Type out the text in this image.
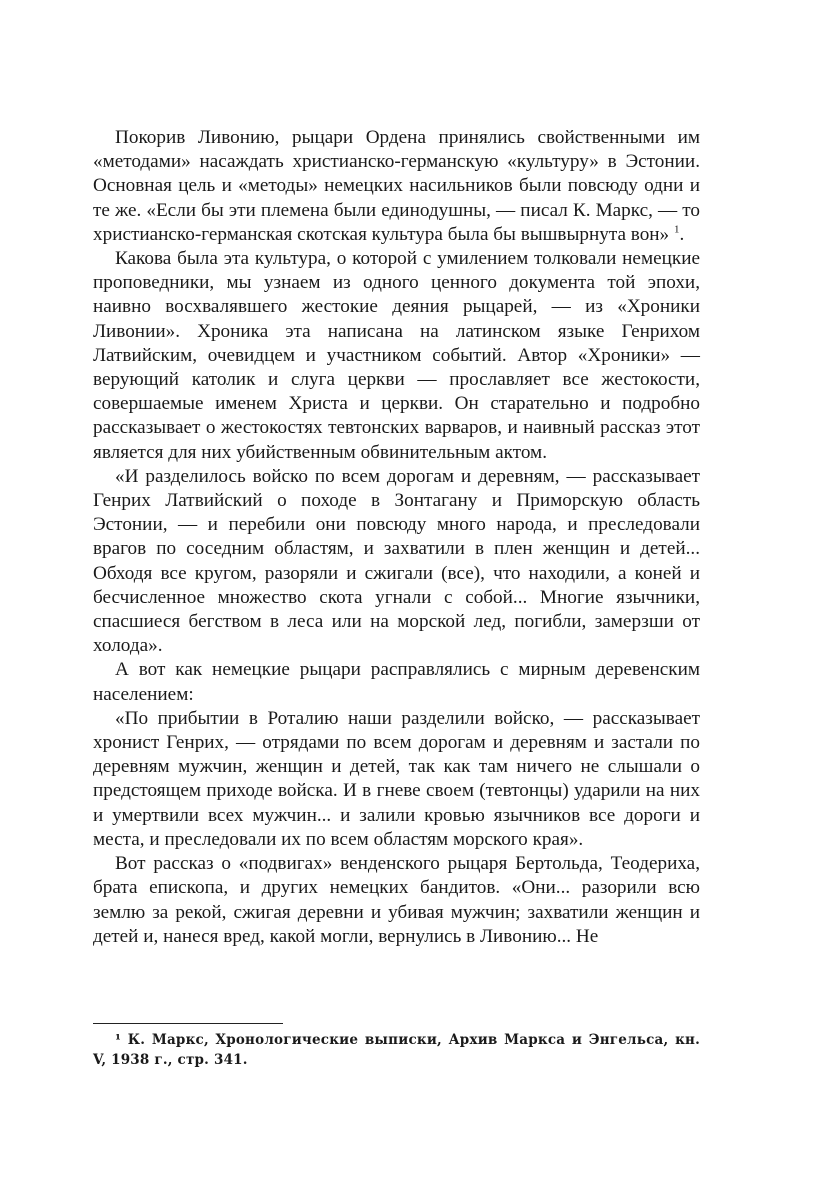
Покорив Ливонию, рыцари Ордена принялись свойственными им «методами» насаждать христианско-германскую «культуру» в Эстонии. Основная цель и «методы» немецких насильников были повсюду одни и те же. «Если бы эти племена были единодушны, — писал К. Маркс, — то христианско-германская скотская культура была бы вышвырнута вон» $^1$.

Какова была эта культура, о которой с умилением толковали немецкие проповедники, мы узнаем из одного ценного документа той эпохи, наивно восхвалявшего жестокие деяния рыцарей, — из «Хроники Ливонии». Хроника эта написана на латинском языке Генрихом Латвийским, очевидцем и участником событий. Автор «Хроники» — верующий католик и слуга церкви — прославляет все жестокости, совершаемые именем Христа и церкви. Он старательно и подробно рассказывает о жестокостях тевтонских варваров, и наивный рассказ этот является для них убийственным обвинительным актом.

«И разделилось войско по всем дорогам и деревням, — рассказывает Генрих Латвийский о походе в Зонтагану и Приморскую область Эстонии, — и перебили они повсюду много народа, и преследовали врагов по соседним областям, и захватили в плен женщин и детей... Обходя все кругом, разоряли и сжигали (все), что находили, а коней и бесчисленное множество скота угнали с собой... Многие язычники, спасшиеся бегством в леса или на морской лед, погибли, замерзши от холода».

А вот как немецкие рыцари расправлялись с мирным деревенским населением:

«По прибытии в Роталию наши разделили войско, — рассказывает хронист Генрих, — отрядами по всем дорогам и деревням и застали по деревням мужчин, женщин и детей, так как там ничего не слышали о предстоящем приходе войска. И в гневе своем (тевтонцы) ударили на них и умертвили всех мужчин... и залили кровью язычников все дороги и места, и преследовали их по всем областям морского края».

Вот рассказ о «подвигах» венденского рыцаря Бертольда, Теодериха, брата епископа, и других немецких бандитов. «Они... разорили всю землю за рекой, сжигая деревни и убивая мужчин; захватили женщин и детей и, нанеся вред, какой могли, вернулись в Ливонию... Не

¹ К. Маркс, Хронологические выписки, Архив Маркса и Энгельса, кн. V, 1938 г., стр. 341.
